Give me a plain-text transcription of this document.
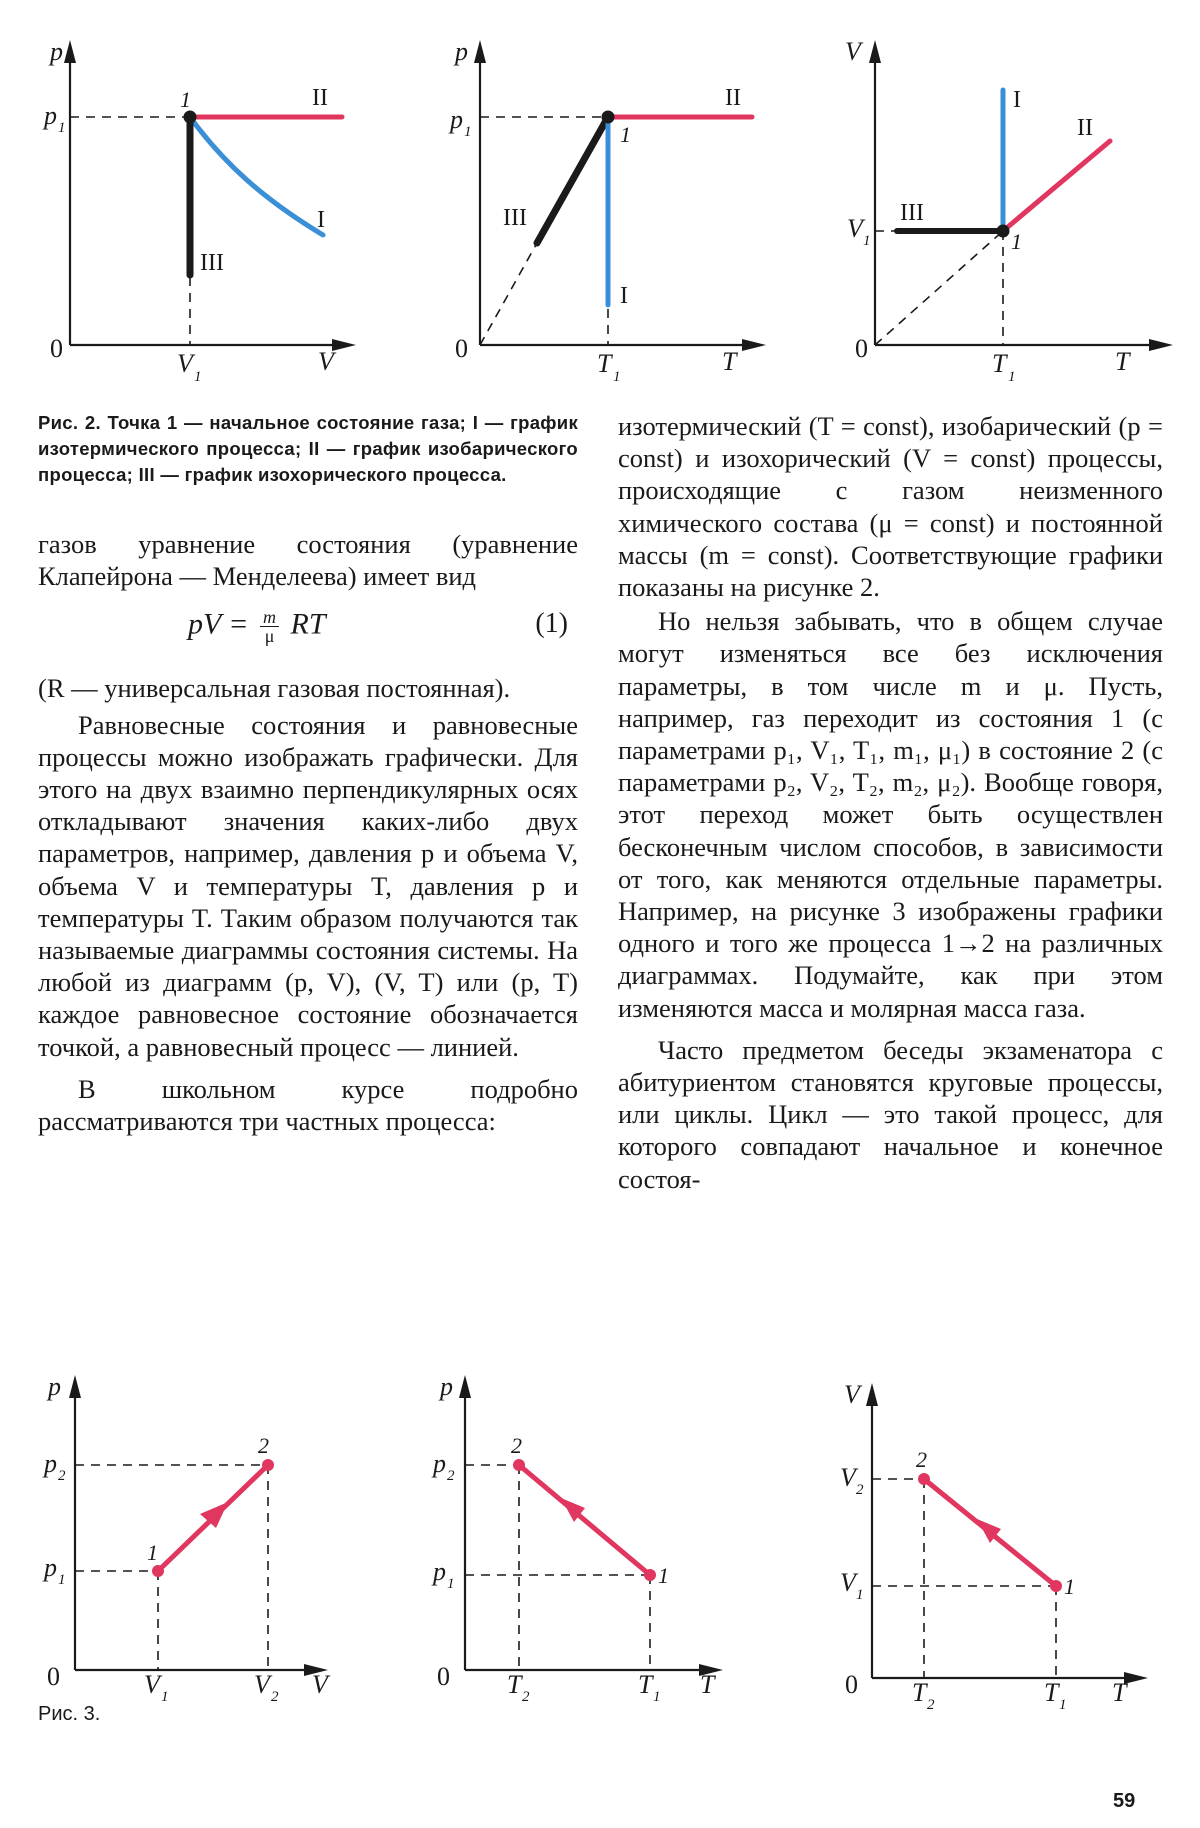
p
V
0
p 1
V 1
1
I
II
III
p
T
0
p 1
T 1
1
I
II
III
V
T
0
V 1
T 1
1
I
II
III
Рис. 2. Точка 1 — начальное состояние газа; I — график изотермического процесса; II — график изобарического процесса; III — график изохорического процесса.

газов уравнение состояния (уравнение Клапейрона — Менделеева) имеет вид

pV = $\frac{m}{\mu}$ RT	(1)

(R — универсальная газовая постоянная).

Равновесные состояния и равновесные процессы можно изображать графически. Для этого на двух взаимно перпендикулярных осях откладывают значения каких-либо двух параметров, например, давления p и объема V, объема V и температуры T, давления p и температуры T. Таким образом получаются так называемые диаграммы состояния системы. На любой из диаграмм (p, V), (V, T) или (p, T) каждое равновесное состояние обозначается точкой, а равновесный процесс — линией.

В школьном курсе подробно рассматриваются три частных процесса:

изотермический (T = const), изобарический (p = const) и изохорический (V = const) процессы, происходящие с газом неизменного химического состава (μ = const) и постоянной массы (m = const). Соответствующие графики показаны на рисунке 2.

Но нельзя забывать, что в общем случае могут изменяться все без исключения параметры, в том числе m и μ. Пусть, например, газ переходит из состояния 1 (с параметрами p₁, V₁, T₁, m₁, μ₁) в состояние 2 (с параметрами p₂, V₂, T₂, m₂, μ₂). Вообще говоря, этот переход может быть осуществлен бесконечным числом способов, в зависимости от того, как меняются отдельные параметры. Например, на рисунке 3 изображены графики одного и того же процесса 1→2 на различных диаграммах. Подумайте, как при этом изменяются масса и молярная масса газа.

Часто предметом беседы экзаменатора с абитуриентом становятся круговые процессы, или циклы. Цикл — это такой процесс, для которого совпадают начальное и конечное состоя-

p
V
0
p 2
p 1
V 1	V 2
1
2
p
T
0
p 2
p 1
T 2	T 1
1
2
V
T
0
V 2
V 1
T 2	T 1
1
2
Рис. 3.
59
